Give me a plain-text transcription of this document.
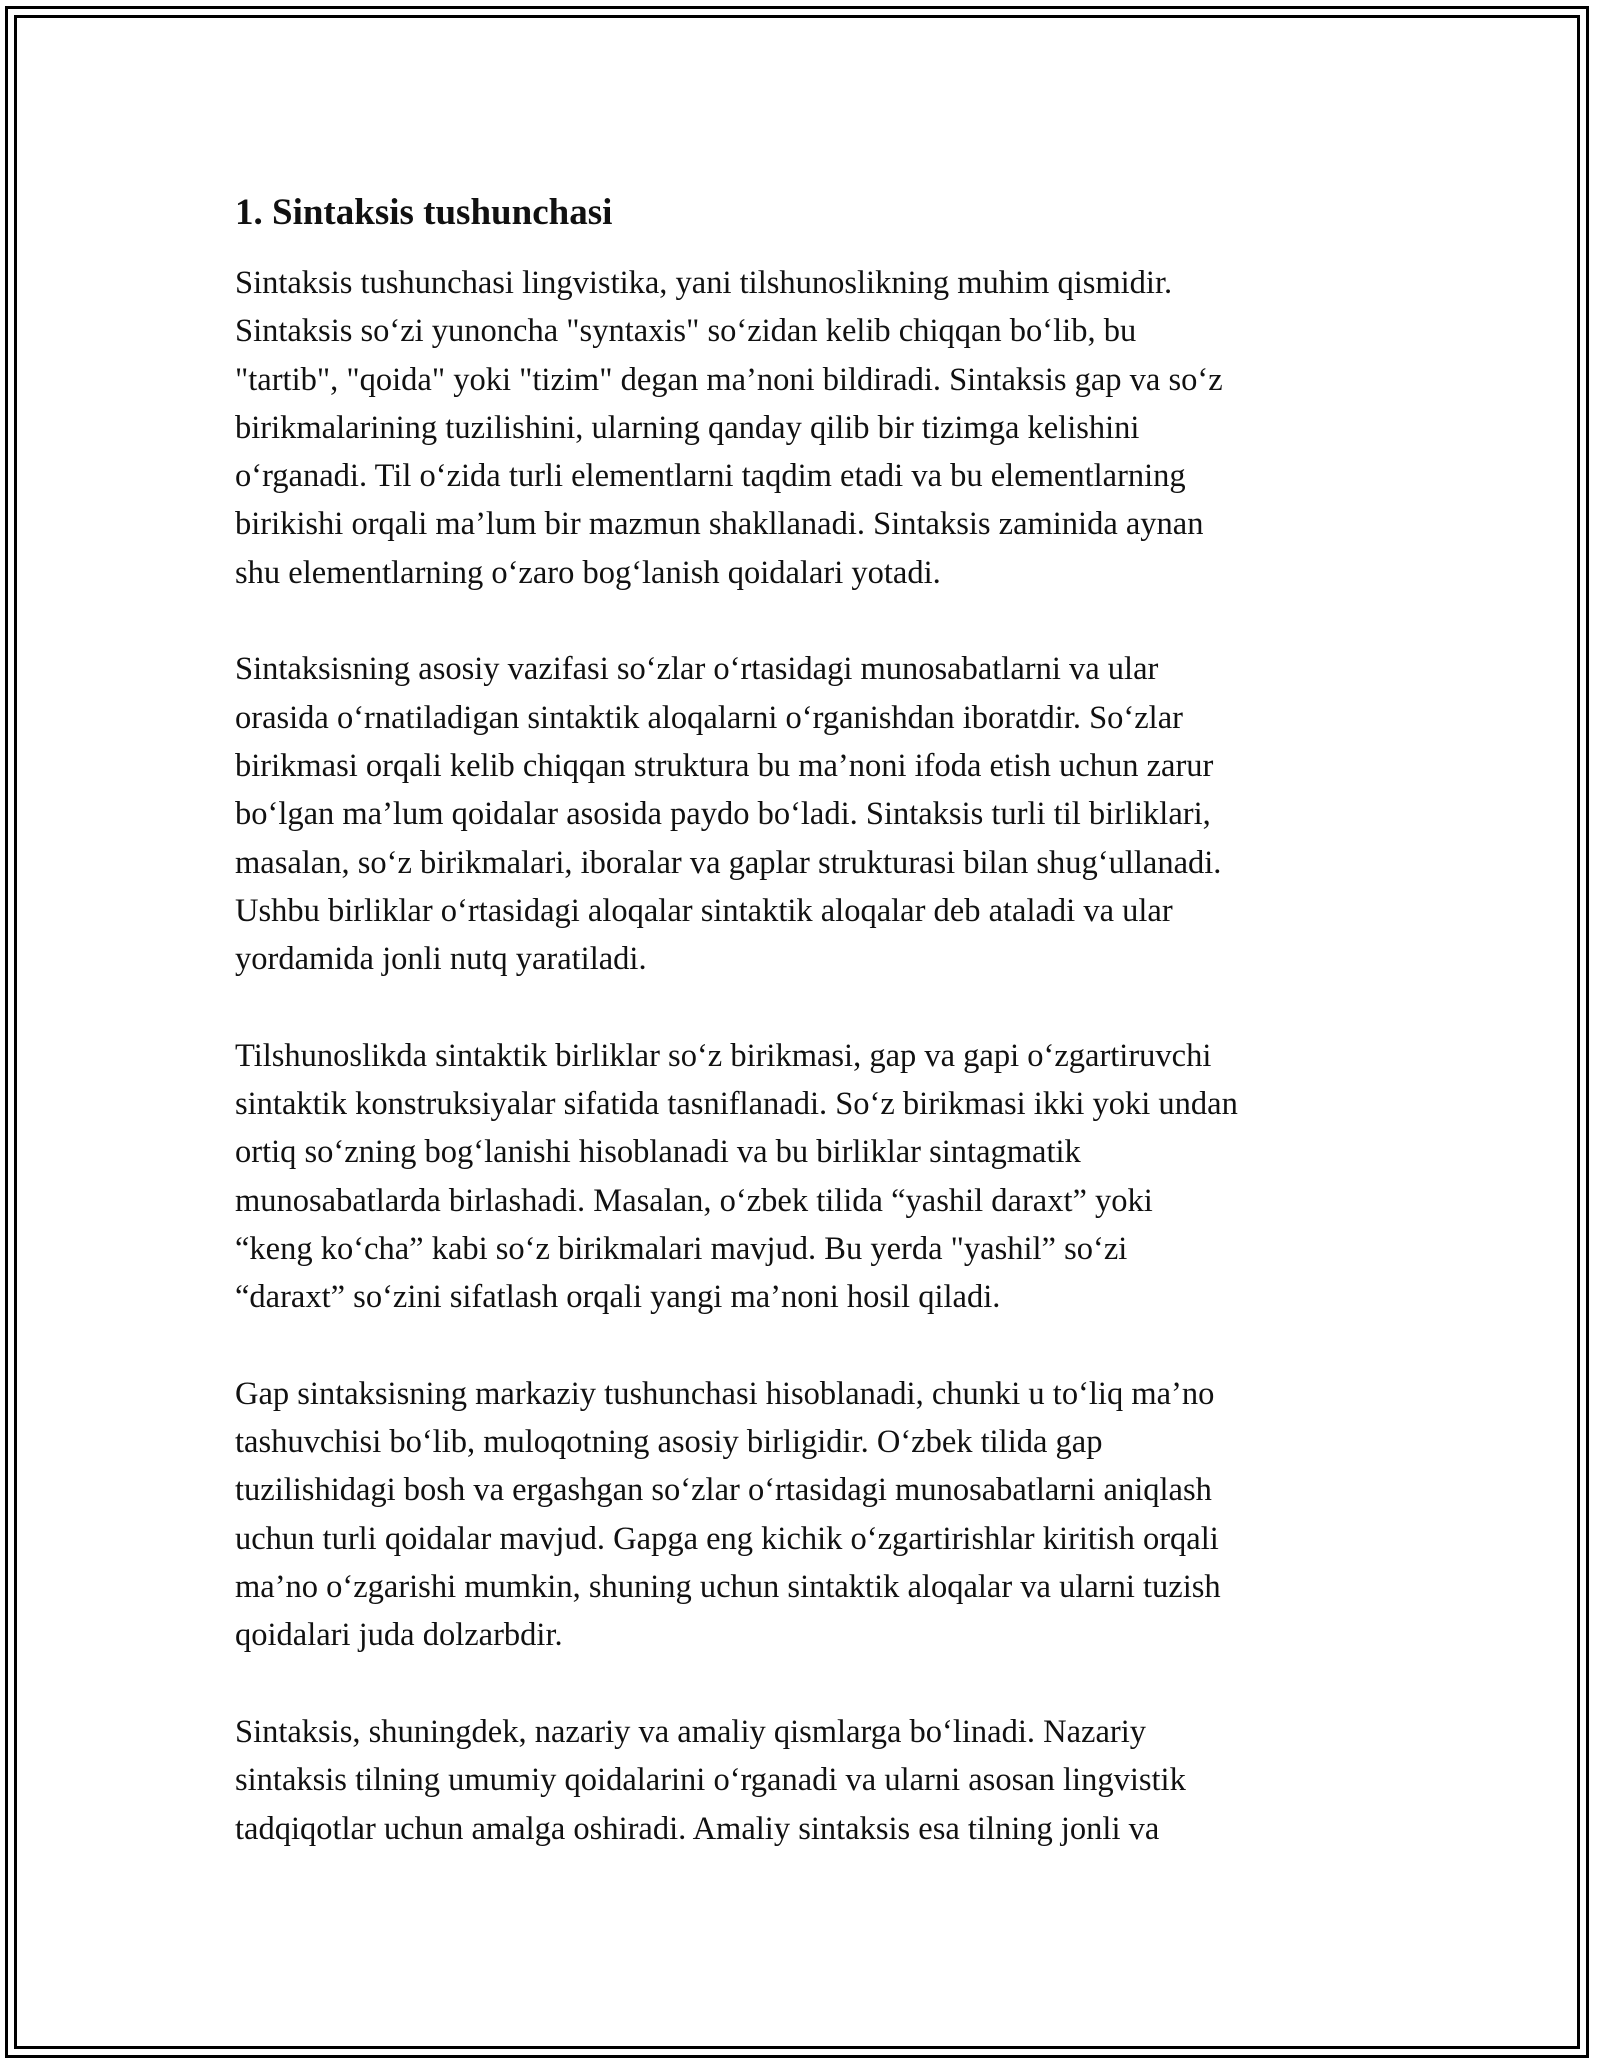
1. Sintaksis tushunchasi
Sintaksis tushunchasi lingvistika, yani tilshunoslikning muhim qismidir.
Sintaksis so‘zi yunoncha "syntaxis" so‘zidan kelib chiqqan bo‘lib, bu
"tartib", "qoida" yoki "tizim" degan ma’noni bildiradi. Sintaksis gap va so‘z
birikmalarining tuzilishini, ularning qanday qilib bir tizimga kelishini
o‘rganadi. Til o‘zida turli elementlarni taqdim etadi va bu elementlarning
birikishi orqali ma’lum bir mazmun shakllanadi. Sintaksis zaminida aynan
shu elementlarning o‘zaro bog‘lanish qoidalari yotadi.
Sintaksisning asosiy vazifasi so‘zlar o‘rtasidagi munosabatlarni va ular
orasida o‘rnatiladigan sintaktik aloqalarni o‘rganishdan iboratdir. So‘zlar
birikmasi orqali kelib chiqqan struktura bu ma’noni ifoda etish uchun zarur
bo‘lgan ma’lum qoidalar asosida paydo bo‘ladi. Sintaksis turli til birliklari,
masalan, so‘z birikmalari, iboralar va gaplar strukturasi bilan shug‘ullanadi.
Ushbu birliklar o‘rtasidagi aloqalar sintaktik aloqalar deb ataladi va ular
yordamida jonli nutq yaratiladi.
Tilshunoslikda sintaktik birliklar so‘z birikmasi, gap va gapi o‘zgartiruvchi
sintaktik konstruksiyalar sifatida tasniflanadi. So‘z birikmasi ikki yoki undan
ortiq so‘zning bog‘lanishi hisoblanadi va bu birliklar sintagmatik
munosabatlarda birlashadi. Masalan, o‘zbek tilida “yashil daraxt” yoki
“keng ko‘cha” kabi so‘z birikmalari mavjud. Bu yerda "yashil” so‘zi
“daraxt” so‘zini sifatlash orqali yangi ma’noni hosil qiladi.
Gap sintaksisning markaziy tushunchasi hisoblanadi, chunki u to‘liq ma’no
tashuvchisi bo‘lib, muloqotning asosiy birligidir. O‘zbek tilida gap
tuzilishidagi bosh va ergashgan so‘zlar o‘rtasidagi munosabatlarni aniqlash
uchun turli qoidalar mavjud. Gapga eng kichik o‘zgartirishlar kiritish orqali
ma’no o‘zgarishi mumkin, shuning uchun sintaktik aloqalar va ularni tuzish
qoidalari juda dolzarbdir.
Sintaksis, shuningdek, nazariy va amaliy qismlarga bo‘linadi. Nazariy
sintaksis tilning umumiy qoidalarini o‘rganadi va ularni asosan lingvistik
tadqiqotlar uchun amalga oshiradi. Amaliy sintaksis esa tilning jonli va
